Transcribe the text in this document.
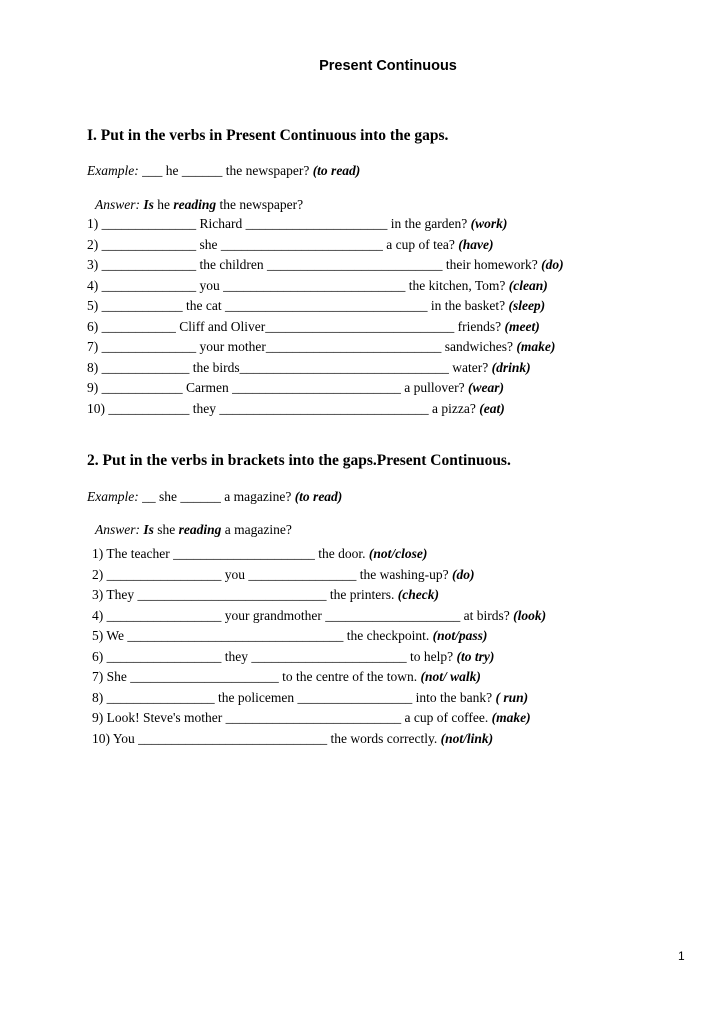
Present Continuous
I. Put in the verbs in Present Continuous into the gaps.
Example: ___ he ______ the newspaper? (to read)
Answer: Is he reading the newspaper?
1) ______________ Richard _____________________ in the garden? (work)
2) ______________ she ________________________ a cup of tea? (have)
3) ______________ the children __________________________ their homework? (do)
4) ______________ you ___________________________ the kitchen, Tom? (clean)
5) ____________ the cat ______________________________ in the basket? (sleep)
6) ___________ Cliff and Oliver____________________________ friends? (meet)
7) ______________ your mother__________________________ sandwiches? (make)
8) _____________ the birds_______________________________ water? (drink)
9) ____________ Carmen _________________________ a pullover? (wear)
10) ____________ they _______________________________ a pizza? (eat)
2. Put in the verbs in brackets into the gaps.Present Continuous.
Example: __ she ______ a magazine? (to read)
Answer: Is she reading a magazine?
1) The teacher _____________________ the door. (not/close)
2) _________________ you ________________ the washing-up? (do)
3) They ____________________________ the printers. (check)
4) _________________ your grandmother ____________________ at birds? (look)
5) We ________________________________ the checkpoint. (not/pass)
6) _________________ they _______________________ to help? (to try)
7) She ______________________ to the centre of the town. (not/ walk)
8) ________________ the policemen _________________ into the bank? ( run)
9) Look! Steve's mother __________________________ a cup of coffee. (make)
10) You ____________________________ the words correctly. (not/link)
1
